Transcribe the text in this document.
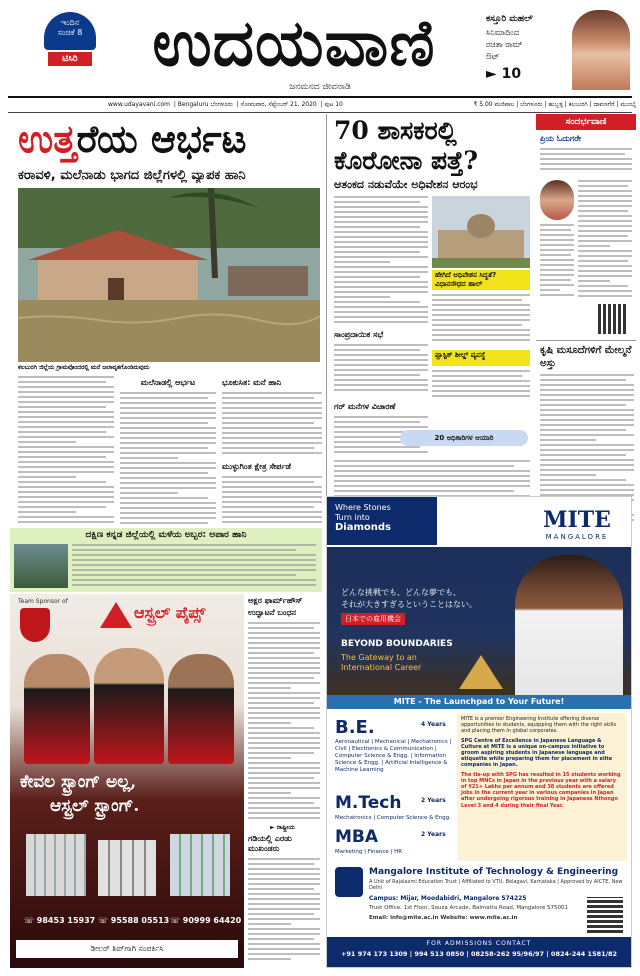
ಇಂದಿನ
ಸಂಚಿಕೆ 8
ಟಿಸಿರಿ	ಉದಯವಾಣಿ
ಜನಮನದ ಜೀವನಾಡಿ
ಕಸ್ತೂರಿ ಮಹಲ್
ಸಿನಿಮಾದಿಂದ
ರಚಿತಾ ರಾಮ್
ಔಟ್
► 10
www.udayavani.com  | Bengaluru ಬೆಂಗಳೂರು  | ಸೋಮವಾರ, ಸೆಪ್ಟೆಂಬರ್ 21, 2020  | ಪುಟ 10	₹ 5.00 ಮಣಿಪಾಲ | ಬೆಂಗಳೂರು | ಹುಬ್ಬಳ್ಳಿ | ಕಲಬುರಗಿ | ದಾವಣಗೆರೆ | ಮುಂಬೈ
ಉತ್ತರೆಯ ಆರ್ಭಟ
ಕರಾವಳಿ, ಮಲೆನಾಡು ಭಾಗದ ಜಿಲ್ಲೆಗಳಲ್ಲಿ ವ್ಯಾಪಕ ಹಾನಿ
ಕಲಬುರಗಿ ಜಿಲ್ಲೆಯ ಗ್ರಾಮವೊಂದರಲ್ಲಿ ಮನೆ ಜಲಾವೃತಗೊಂಡಿರುವುದು
ಮಲೆನಾಡಲ್ಲಿ ಆರ್ಭಟ	ಭೂಕುಸಿತ: ಮನೆ ಹಾನಿ
ಮುಳ್ಳುಗಿಂತ ಕ್ಷೇತ್ರ ಸೇರ್ಪಡೆ
70 ಶಾಸಕರಲ್ಲಿ ಕೊರೋನಾ ಪತ್ತೆ?
ಆತಂಕದ ನಡುವೆಯೇ ಅಧಿವೇಶನ ಆರಂಭ
ಹೇಗಿದೆ ಅಧಿವೇಶನ ಸಿದ್ಧತೆ? ವಿಧಾನಸೌಧದ ಹಾಲ್
ಸಾಂಪ್ರದಾಯಿಕ ಸಭೆ
ಪ್ಲಾಸ್ಟಿಕ್ ಶೀಲ್ಡ್ ವ್ಯವಸ್ಥೆ
ಗರ್ ಮನೆಗಳ ವಿಚಾರಣೆ
20 ಅಧಿಕಾರಿಗಳ ಆಯಾರಿ
ಸಂದರ್ಭವಾಣಿ
ಪ್ರಿಯ ಓದುಗರೇ
ಕೃಷಿ ಮಸೂದೆಗಳಿಗೆ ಮೇಲ್ಮನೆ ಅಸ್ತು
ದಕ್ಷಿಣ ಕನ್ನಡ ಜಿಲ್ಲೆಯಲ್ಲಿ ಮಳೆಯ ಅಬ್ಬರ: ಅಪಾರ ಹಾನಿ
Team Sponsor of
ಆಸ್ಟ್ರಲ್ ಪೈಪ್ಸ್
ಕೇವಲ ಸ್ಟ್ರಾಂಗ್ ಅಲ್ಲ,
ಆಸ್ಟ್ರಲ್ ಸ್ಟ್ರಾಂಗ್.
☏ 98453 15937 ☏ 95588 05513 ☏ 90999 64420
ಡೀಲರ್ ಶಿಪ್‌ಗಾಗಿ ಸಂಪರ್ಕಿಸಿ
ಅಕ್ಷರ ಫಾರ್ಮ್‌ಹೌಸ್
ಉದ್ಘಾಟನೆ ಬಂಧನ
► ರಾಷ್ಟ್ರೀಯ
ಗಡಿಯಲ್ಲಿ ಎರಡು ಮುಖಂಡರು
Where Stones
Turn into
Diamonds	MITE
MANGALORE
どんな挑戦でも、どんな夢でも、
それが大きすぎるということはない。
日本での雇用機会
BEYOND BOUNDARIES
The Gateway to an International Career
MITE - The Launchpad to Your Future!
B.E.	4 Years
Aeronautical | Mechanical | Mechatronics | Civil | Electronics & Communication | Computer Science & Engg. | Information Science & Engg. | Artificial Intelligence & Machine Learning
M.Tech	2 Years
Mechatronics | Computer Science & Engg.
MBA	2 Years
Marketing | Finance | HR

MITE is a premier Engineering Institute offering diverse opportunities to students, equipping them with the right skills and placing them in global corporates.

SPG Centre of Excellence in Japanese Language & Culture at MITE is a unique on-campus initiative to groom aspiring students in Japanese language and etiquette while preparing them for placement in elite companies in Japan.

The tie-up with SPG has resulted in 15 students working in top MNCs in Japan in the previous year with a salary of ₹21+ Lakhs per annum and 38 students are offered jobs in the current year in various companies in Japan after undergoing rigorous training in Japanese Nihongo Level 3 and 4 during their final Year.

Mangalore Institute of Technology & Engineering
A Unit of Rajalaxmi Education Trust | Affiliated to VTU, Belagavi, Karnataka | Approved by AICTE, New Delhi
Campus: Mijar, Moodabidri, Mangalore 574225
Trust Office: 1st Floor, Souza Arcade, Balmatta Road, Mangalore 575001
Email: info@mite.ac.in Website: www.mite.ac.in
FOR ADMISSIONS CONTACT
+91 974 173 1309 | 994 513 0850 | 08258-262 95/96/97 | 0824-244 1581/82
